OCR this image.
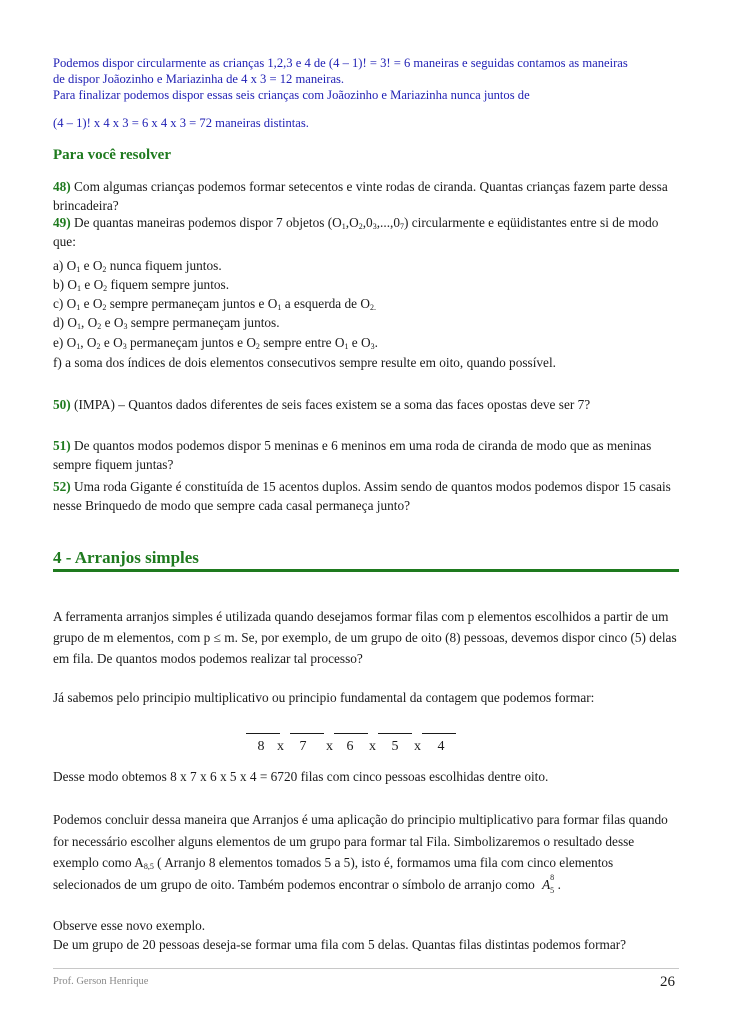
Podemos dispor circularmente as crianças 1,2,3 e 4 de (4 – 1)! = 3! = 6 maneiras e seguidas contamos as maneiras

de dispor Joãozinho e Mariazinha de 4 x 3 = 12 maneiras.

Para finalizar podemos dispor essas seis crianças com Joãozinho e Mariazinha nunca juntos de

(4 – 1)! x 4 x 3 = 6 x 4 x 3 = 72 maneiras distintas.

Para você resolver

48) Com algumas crianças podemos formar setecentos e vinte rodas de ciranda. Quantas crianças fazem parte dessa brincadeira?

49) De quantas maneiras podemos dispor 7 objetos $(O_1,O_2,0_3,...,0_7)$ circularmente e eqüidistantes entre si de modo que:

a) $O_1$ e $O_2$ nunca fiquem juntos.

b) $O_1$ e $O_2$ fiquem sempre juntos.

c) $O_1$ e $O_2$ sempre permaneçam juntos e $O_1$ a esquerda de $O_{2.}$

d) $O_1$, $O_2$ e $O_3$ sempre permaneçam juntos.

e) $O_1$, $O_2$ e $O_3$ permaneçam juntos e $O_2$ sempre entre $O_1$ e $O_3$.

f) a soma dos índices de dois elementos consecutivos sempre resulte em oito, quando possível.

50) (IMPA) – Quantos dados diferentes de seis faces existem se a soma das faces opostas deve ser 7?

51) De quantos modos podemos dispor 5 meninas e 6 meninos em uma roda de ciranda de modo que as meninas sempre fiquem juntas?

52) Uma roda Gigante é constituída de 15 acentos duplos. Assim sendo de quantos modos podemos dispor 15 casais nesse Brinquedo de modo que sempre cada casal permaneça junto?

4 - Arranjos simples

A ferramenta arranjos simples é utilizada quando desejamos formar filas com p elementos escolhidos a partir de um grupo de m elementos, com p ≤ m. Se, por exemplo, de um grupo de oito (8) pessoas, devemos dispor cinco (5) delas em fila. De quantos modos podemos realizar tal processo?

Já sabemos pelo principio multiplicativo ou principio fundamental da contagem que podemos formar:

8 x	7	x 6	x	5	x	4

Desse modo obtemos 8 x 7 x 6 x 5 x 4 = 6720 filas com cinco pessoas escolhidas dentre oito.

Podemos concluir dessa maneira que Arranjos é uma aplicação do principio multiplicativo para formar filas quando for necessário escolher alguns elementos de um grupo para formar tal Fila. Simbolizaremos o resultado desse exemplo como $A_{8,5}$ ( Arranjo 8 elementos tomados 5 a 5), isto é, formamos uma fila com cinco elementos selecionados de um grupo de oito. Também podemos encontrar o símbolo de arranjo como A 8
5 .

Observe esse novo exemplo.

De um grupo de 20 pessoas deseja-se formar uma fila com 5 delas. Quantas filas distintas podemos formar?

Prof. Gerson Henrique	26
